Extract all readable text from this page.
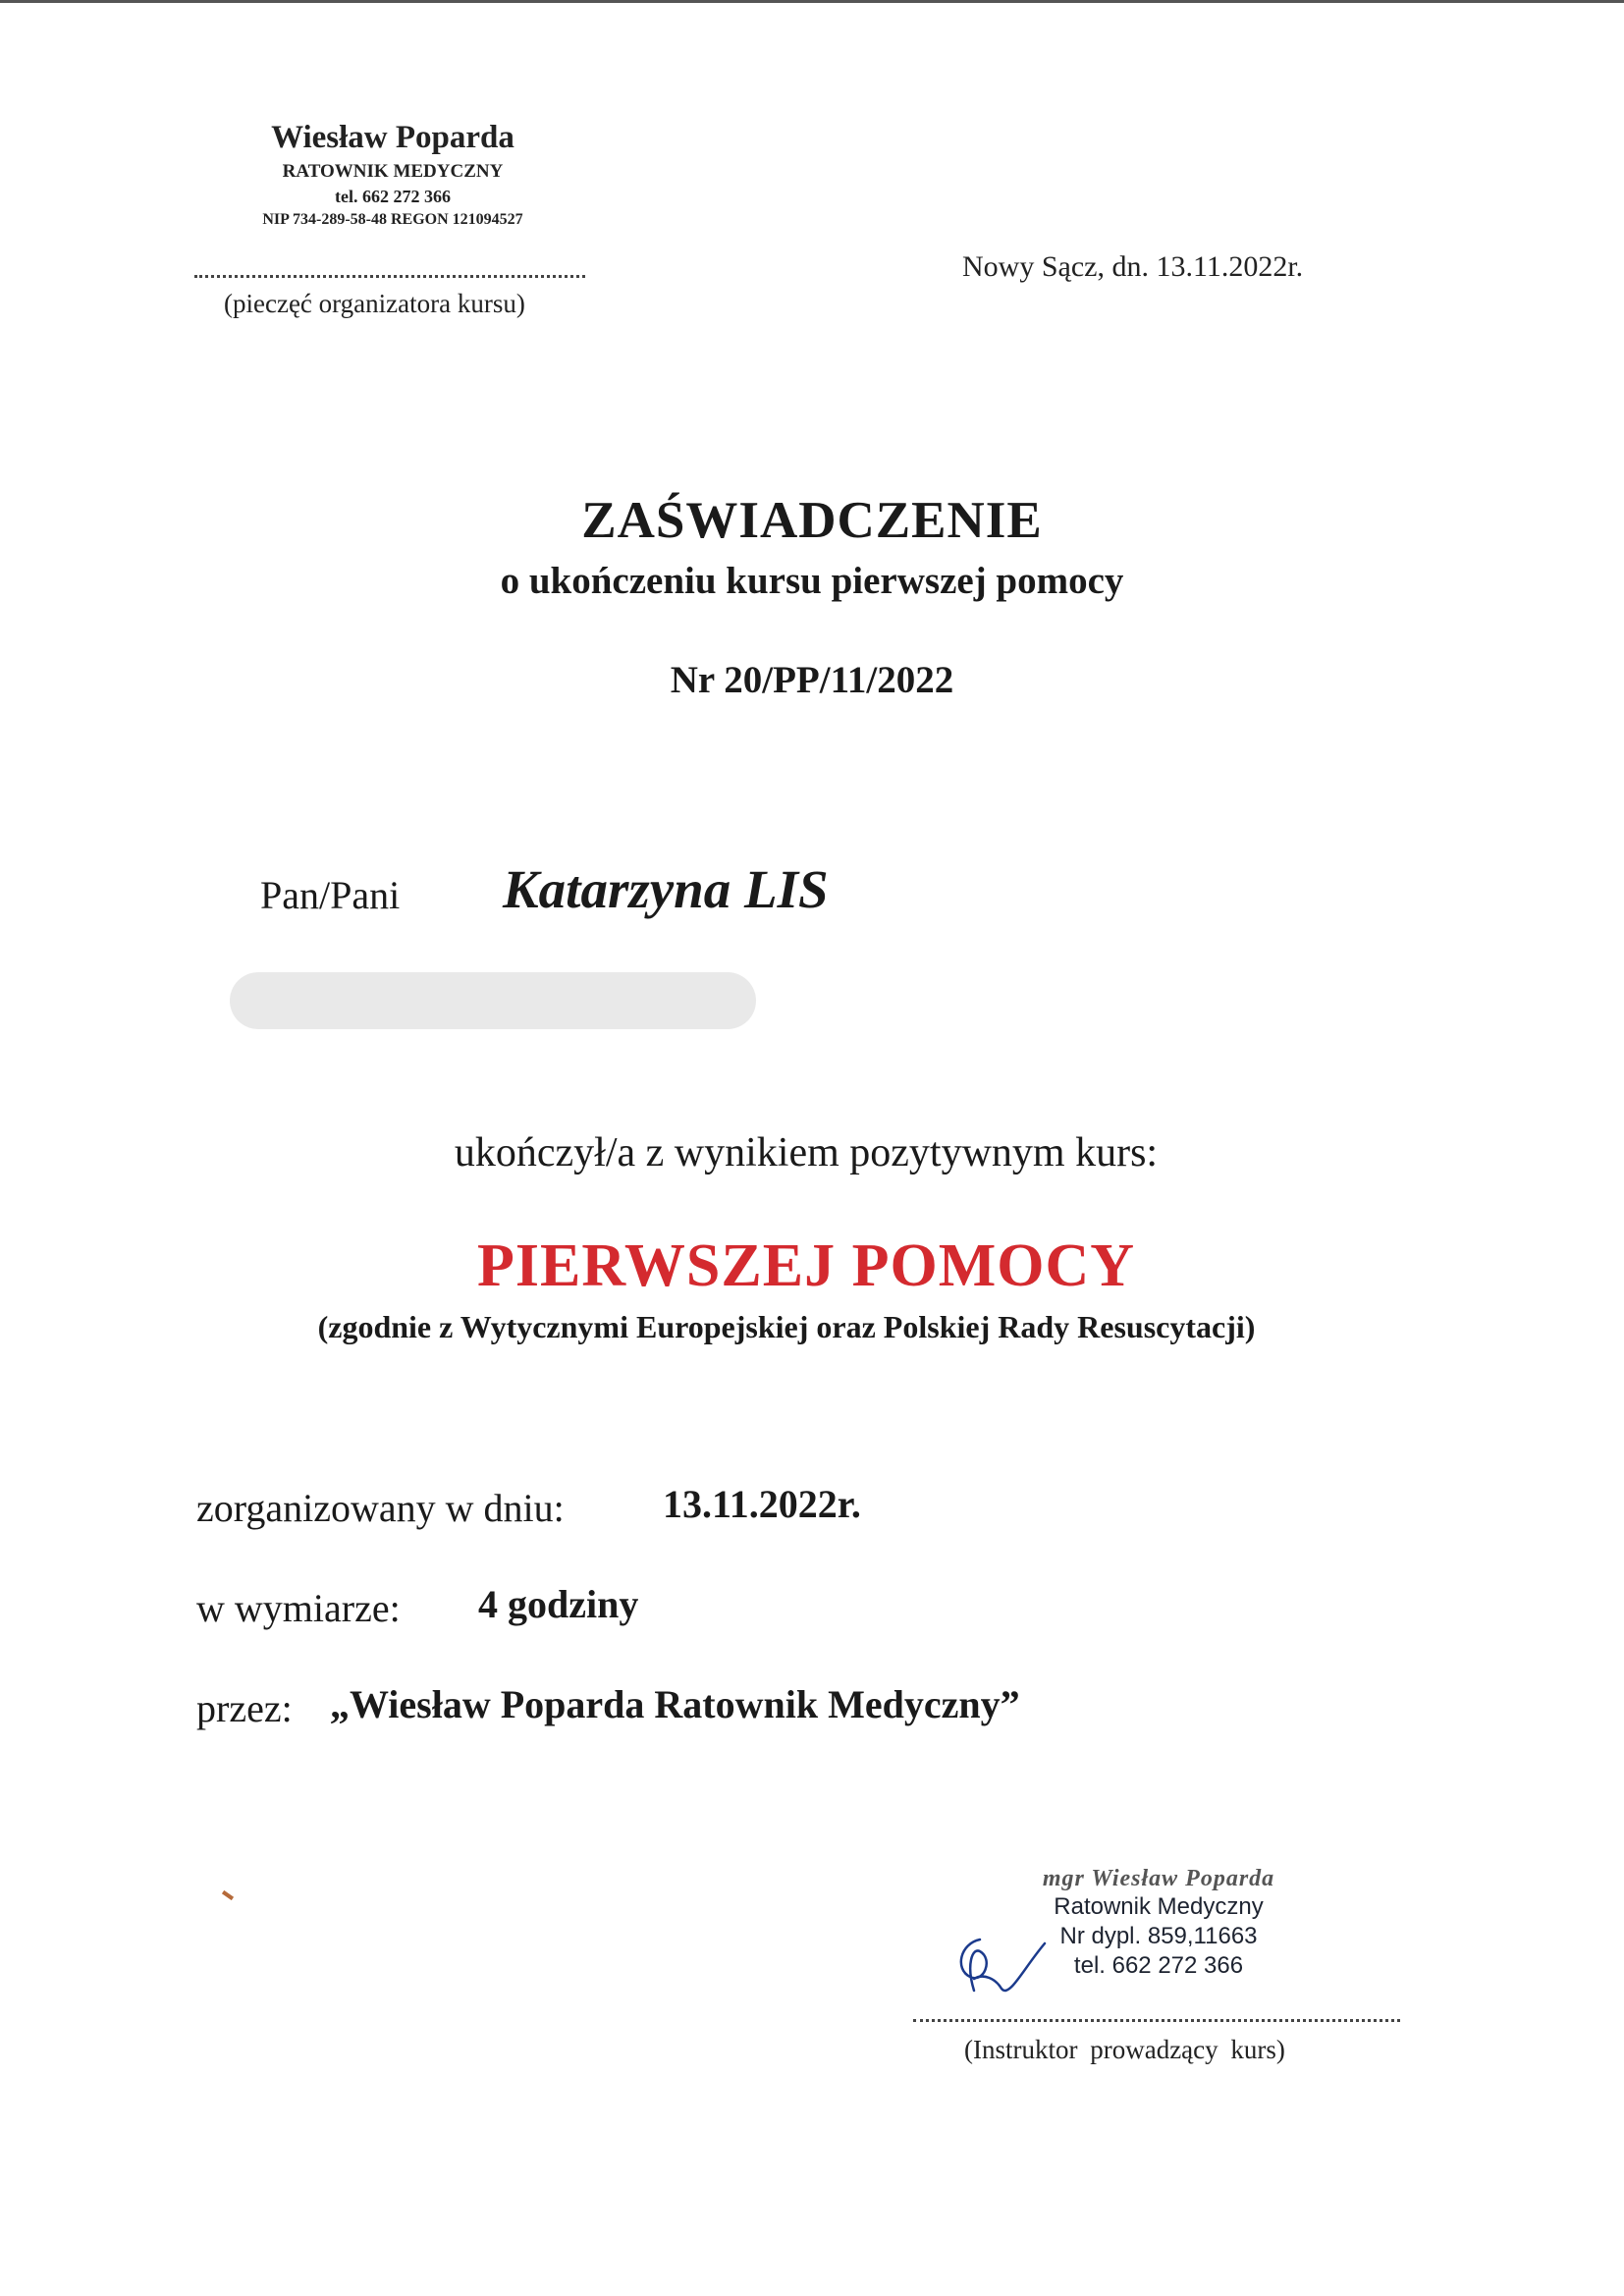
Wiesław Poparda
RATOWNIK MEDYCZNY
tel. 662 272 366
NIP 734-289-58-48 REGON 121094527
(pieczęć organizatora kursu)
Nowy Sącz, dn. 13.11.2022r.
ZAŚWIADCZENIE
o ukończeniu kursu pierwszej pomocy
Nr 20/PP/11/2022
Pan/Pani Katarzyna LIS
ukończył/a z wynikiem pozytywnym kurs:
PIERWSZEJ POMOCY
(zgodnie z Wytycznymi Europejskiej oraz Polskiej Rady Resuscytacji)
zorganizowany w dniu:	13.11.2022r.
w wymiarze: 4 godziny
przez: „Wiesław Poparda Ratownik Medyczny”
mgr Wiesław Poparda
Ratownik Medyczny
Nr dypl. 859,11663
tel. 662 272 366
(Instruktor prowadzący kurs)
